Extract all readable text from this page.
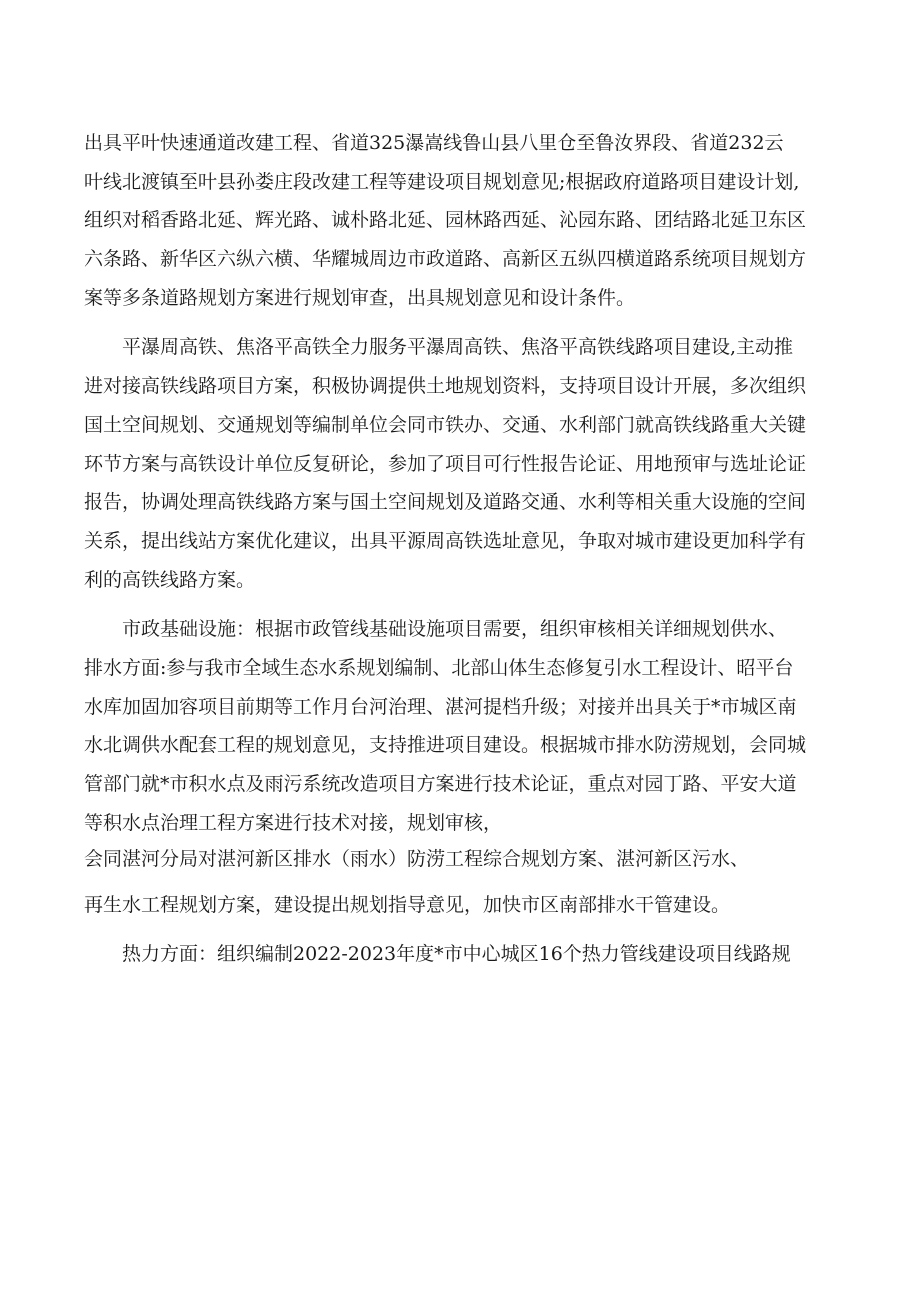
出具平叶快速通道改建工程、省道325瀑嵩线鲁山县八里仓至鲁汝界段、省道232云
叶线北渡镇至叶县孙娄庄段改建工程等建设项目规划意见;根据政府道路项目建设计划,
组织对稻香路北延、辉光路、诚朴路北延、园林路西延、沁园东路、团结路北延卫东区
六条路、新华区六纵六横、华耀城周边市政道路、高新区五纵四横道路系统项目规划方
案等多条道路规划方案进行规划审查，出具规划意见和设计条件。
平瀑周高铁、焦洛平高铁全力服务平瀑周高铁、焦洛平高铁线路项目建设,主动推
进对接高铁线路项目方案，积极协调提供土地规划资料，支持项目设计开展，多次组织
国土空间规划、交通规划等编制单位会同市铁办、交通、水利部门就高铁线路重大关键
环节方案与高铁设计单位反复研论，参加了项目可行性报告论证、用地预审与选址论证
报告，协调处理高铁线路方案与国土空间规划及道路交通、水利等相关重大设施的空间
关系，提出线站方案优化建议，出具平源周高铁选址意见，争取对城市建设更加科学有
利的高铁线路方案。
市政基础设施：根据市政管线基础设施项目需要，组织审核相关详细规划供水、
排水方面:参与我市全域生态水系规划编制、北部山体生态修复引水工程设计、昭平台
水库加固加容项目前期等工作月台河治理、湛河提档升级；对接并出具关于*市城区南
水北调供水配套工程的规划意见，支持推进项目建设。根据城市排水防涝规划，会同城
管部门就*市积水点及雨污系统改造项目方案进行技术论证，重点对园丁路、平安大道
等积水点治理工程方案进行技术对接，规划审核，
会同湛河分局对湛河新区排水（雨水）防涝工程综合规划方案、湛河新区污水、
再生水工程规划方案，建设提出规划指导意见，加快市区南部排水干管建设。
热力方面：组织编制2022-2023年度*市中心城区16个热力管线建设项目线路规
